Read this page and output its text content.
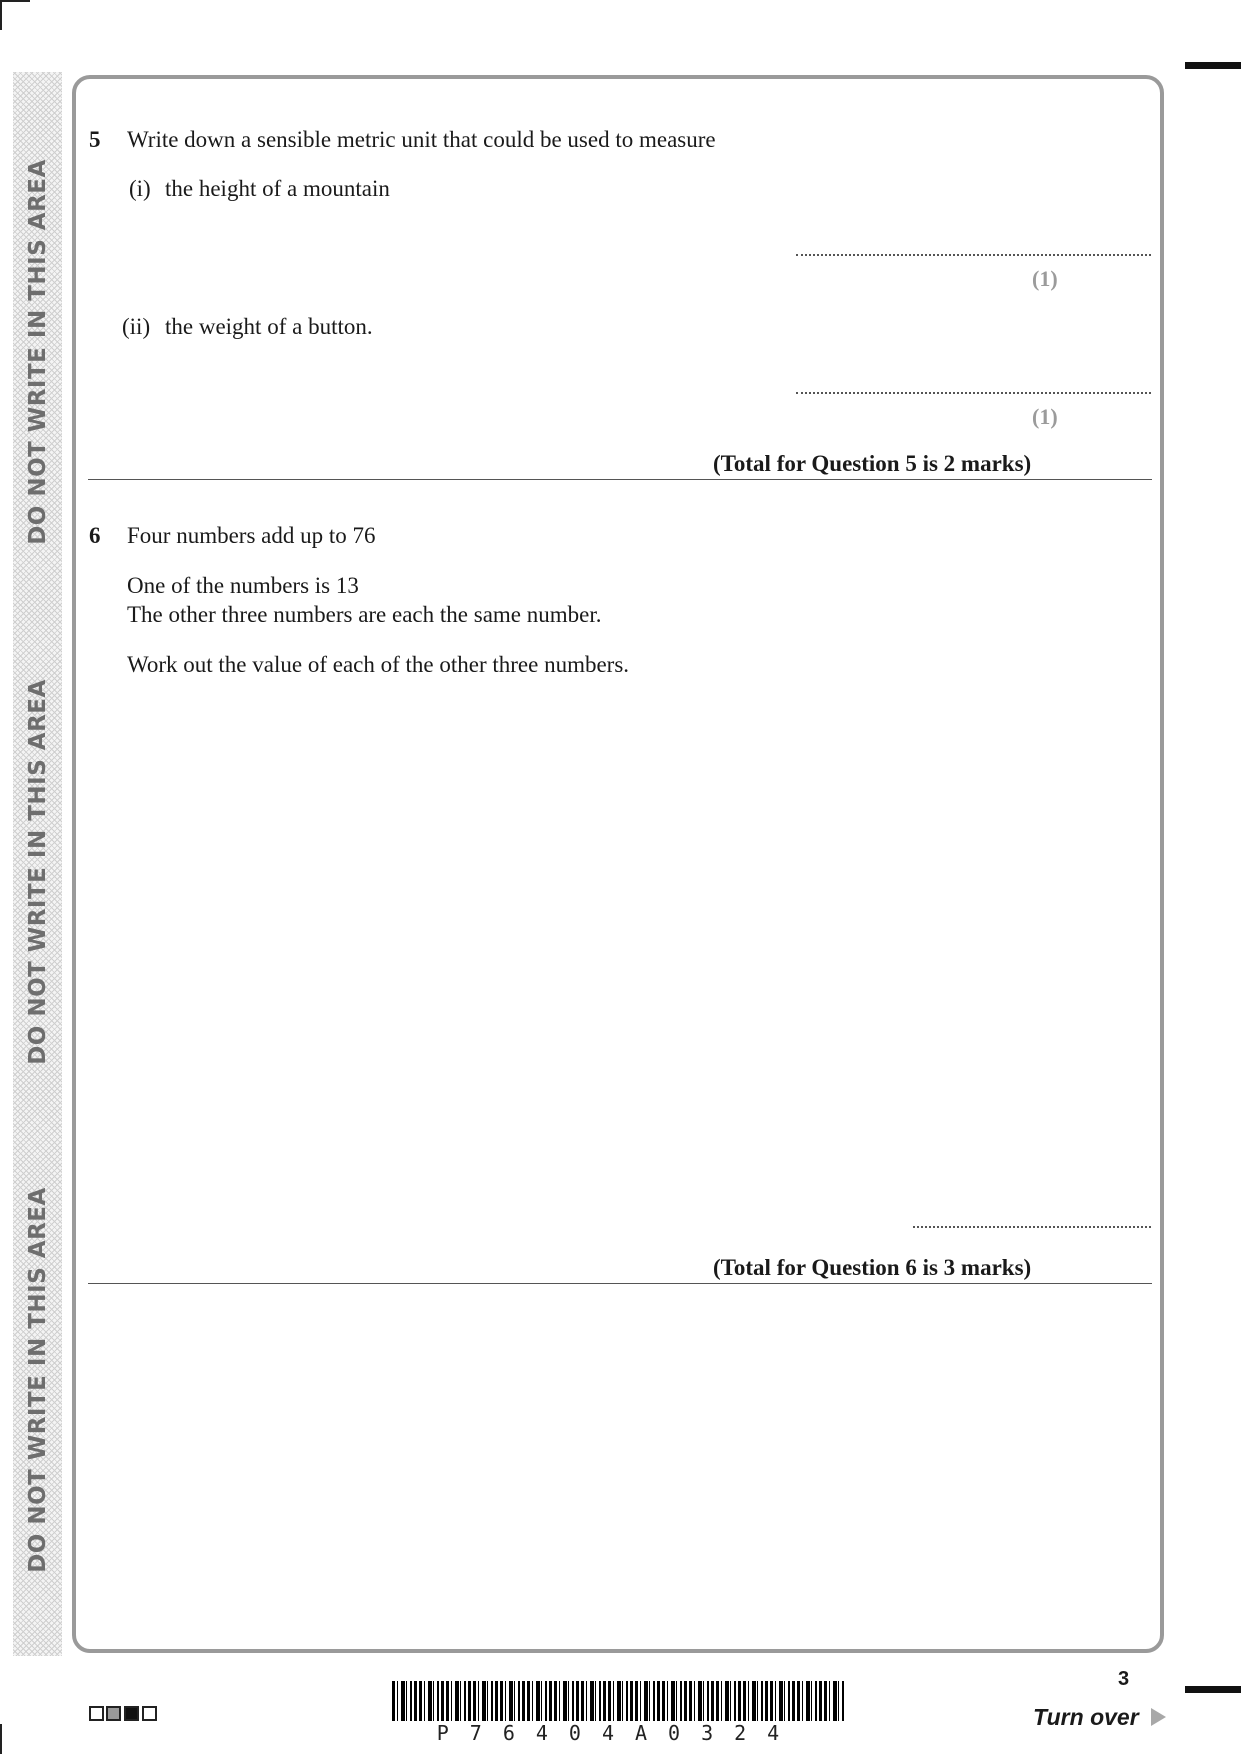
DO NOT WRITE IN THIS AREA
DO NOT WRITE IN THIS AREA
DO NOT WRITE IN THIS AREA
5 Write down a sensible metric unit that could be used to measure
(i) the height of a mountain
(1)
(ii) the weight of a button.
(1)
(Total for Question 5 is 2 marks)
6 Four numbers add up to 76
One of the numbers is 13
The other three numbers are each the same number.
Work out the value of each of the other three numbers.
(Total for Question 6 is 3 marks)
P76404A0324
3
Turn over
